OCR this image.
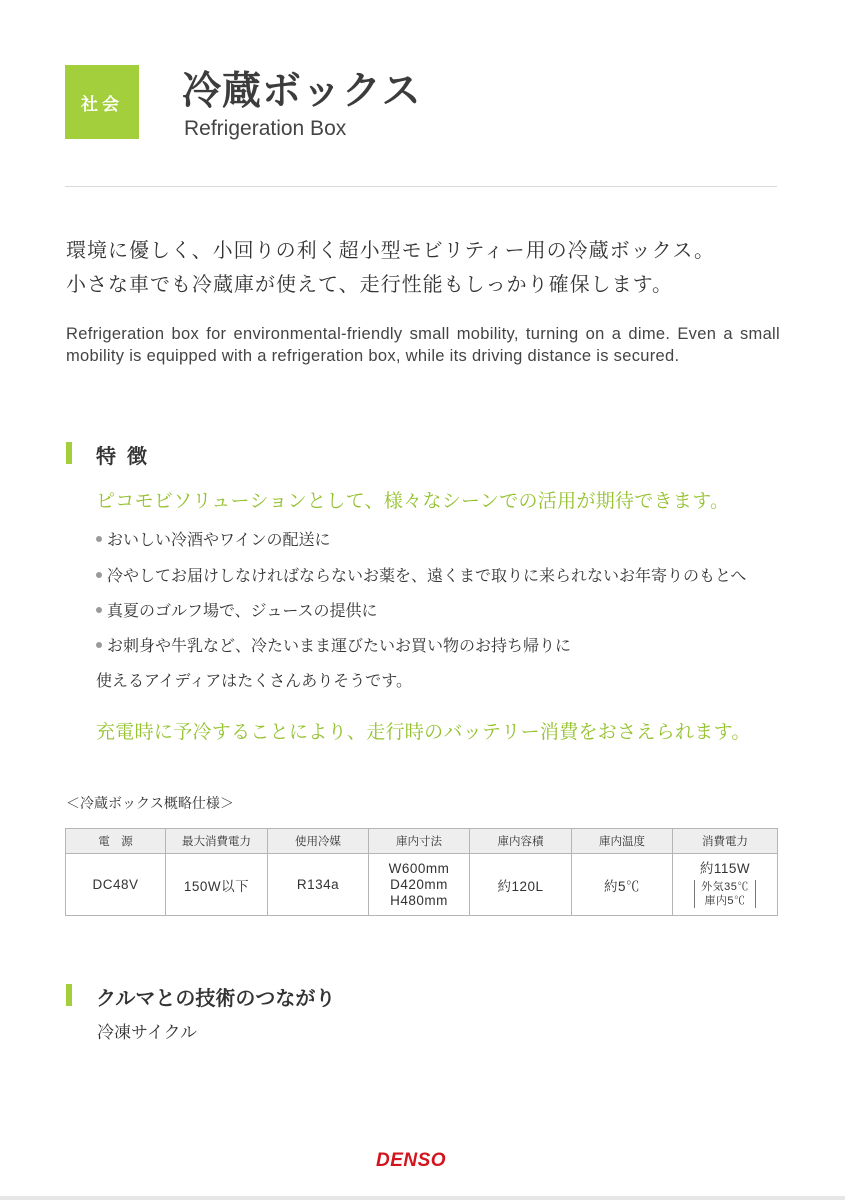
社会	冷蔵ボックス
Refrigeration Box
環境に優しく、小回りの利く超小型モビリティー用の冷蔵ボックス。
小さな車でも冷蔵庫が使えて、走行性能もしっかり確保します。
Refrigeration box for environmental-friendly small mobility, turning on a dime. Even a small mobility is equipped with a refrigeration box, while its driving distance is secured.
特 徴
ピコモビソリューションとして、様々なシーンでの活用が期待できます。
おいしい冷酒やワインの配送に
冷やしてお届けしなければならないお薬を、遠くまで取りに来られないお年寄りのもとへ
真夏のゴルフ場で、ジュースの提供に
お刺身や牛乳など、冷たいまま運びたいお買い物のお持ち帰りに
使えるアイディアはたくさんありそうです。
充電時に予冷することにより、走行時のバッテリー消費をおさえられます。
＜冷蔵ボックス概略仕様＞
電　源	最大消費電力	使用冷媒	庫内寸法	庫内容積	庫内温度	消費電力
DC48V	150W以下	R134a	W600mm
D420mm
H480mm	約120L	約5℃	約115W
外気35℃
庫内5℃
クルマとの技術のつながり
冷凍サイクル
DENSO
